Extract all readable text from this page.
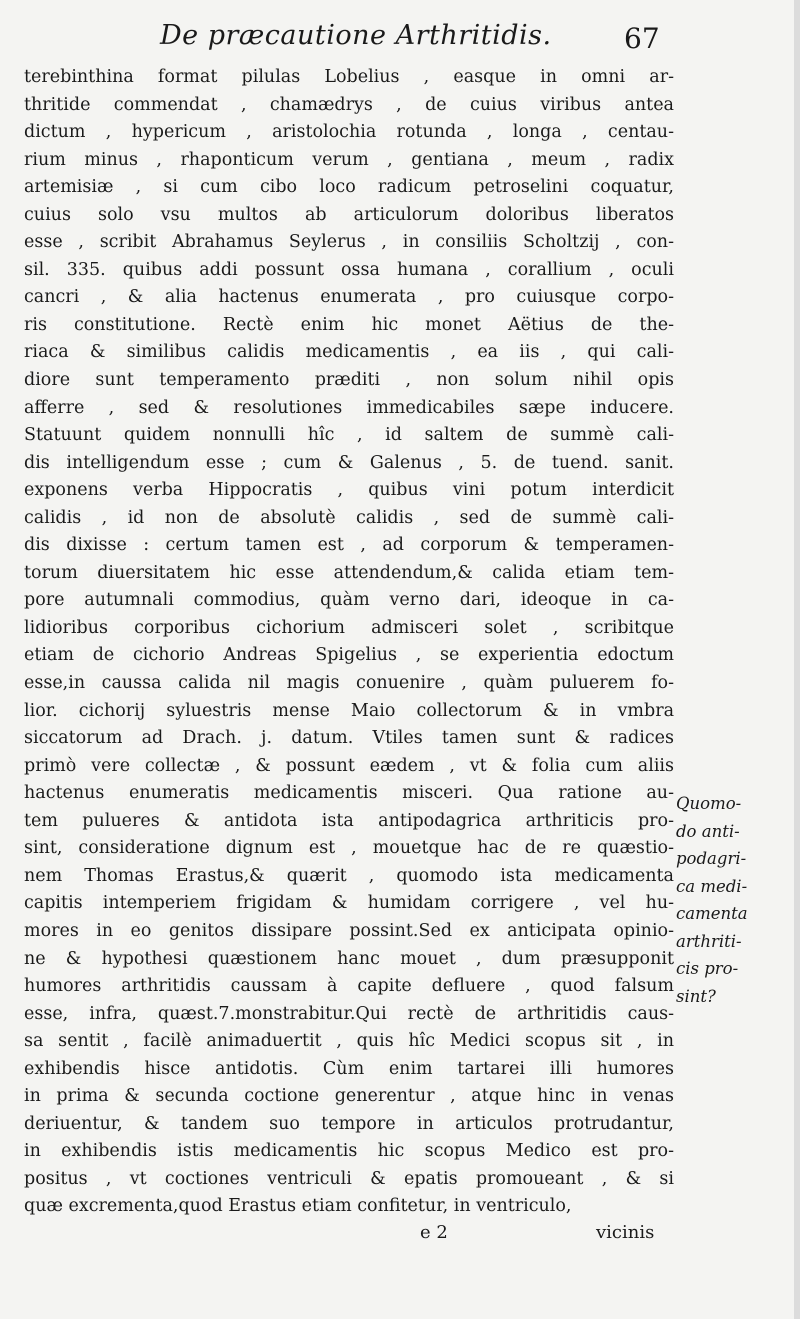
De præcautione Arthritidis.	67
terebinthina format pilulas Lobelius , easque in omni ar-
thritide commendat , chamædrys , de cuius viribus antea
dictum , hypericum , aristolochia rotunda , longa , centau-
rium minus , rhaponticum verum , gentiana , meum , radix
artemisiæ , si cum cibo loco radicum petroselini coquatur,
cuius solo vsu multos ab articulorum doloribus liberatos
esse , scribit Abrahamus Seylerus , in consiliis Scholtzij , con-
sil. 335. quibus addi possunt ossa humana , corallium , oculi
cancri , & alia hactenus enumerata , pro cuiusque corpo-
ris constitutione. Rectè enim hic monet Aëtius de the-
riaca & similibus calidis medicamentis , ea iis , qui cali-
diore sunt temperamento præditi , non solum nihil opis
afferre , sed & resolutiones immedicabiles sæpe inducere.
Statuunt quidem nonnulli hîc , id saltem de summè cali-
dis intelligendum esse ; cum & Galenus , 5. de tuend. sanit.
exponens verba Hippocratis , quibus vini potum interdicit
calidis , id non de absolutè calidis , sed de summè cali-
dis dixisse : certum tamen est , ad corporum & temperamen-
torum diuersitatem hic esse attendendum,& calida etiam tem-
pore autumnali commodius, quàm verno dari, ideoque in ca-
lidioribus corporibus cichorium admisceri solet , scribitque
etiam de cichorio Andreas Spigelius , se experientia edoctum
esse,in caussa calida nil magis conuenire , quàm puluerem fo-
lior. cichorij syluestris mense Maio collectorum & in vmbra
siccatorum ad Drach. j. datum. Vtiles tamen sunt & radices
primò vere collectæ , & possunt eædem , vt & folia cum aliis
hactenus enumeratis medicamentis misceri. Qua ratione au-
tem pulueres & antidota ista antipodagrica arthriticis pro-
sint, consideratione dignum est , mouetque hac de re quæstio-
nem Thomas Erastus,& quærit , quomodo ista medicamenta
capitis intemperiem frigidam & humidam corrigere , vel hu-
mores in eo genitos dissipare possint.Sed ex anticipata opinio-
ne & hypothesi quæstionem hanc mouet , dum præsupponit
humores arthritidis caussam à capite defluere , quod falsum
esse, infra, quæst.7.monstrabitur.Qui rectè de arthritidis caus-
sa sentit , facilè animaduertit , quis hîc Medici scopus sit , in
exhibendis hisce antidotis. Cùm enim tartarei illi humores
in prima & secunda coctione generentur , atque hinc in venas
deriuentur, & tandem suo tempore in articulos protrudantur,
in exhibendis istis medicamentis hic scopus Medico est pro-
positus , vt coctiones ventriculi & epatis promoueant , & si
quæ excrementa,quod Erastus etiam confitetur, in ventriculo,
Quomo-
do anti-
podagri-
ca medi-
camenta
arthriti-
cis pro-
sint?
e 2	vicinis
